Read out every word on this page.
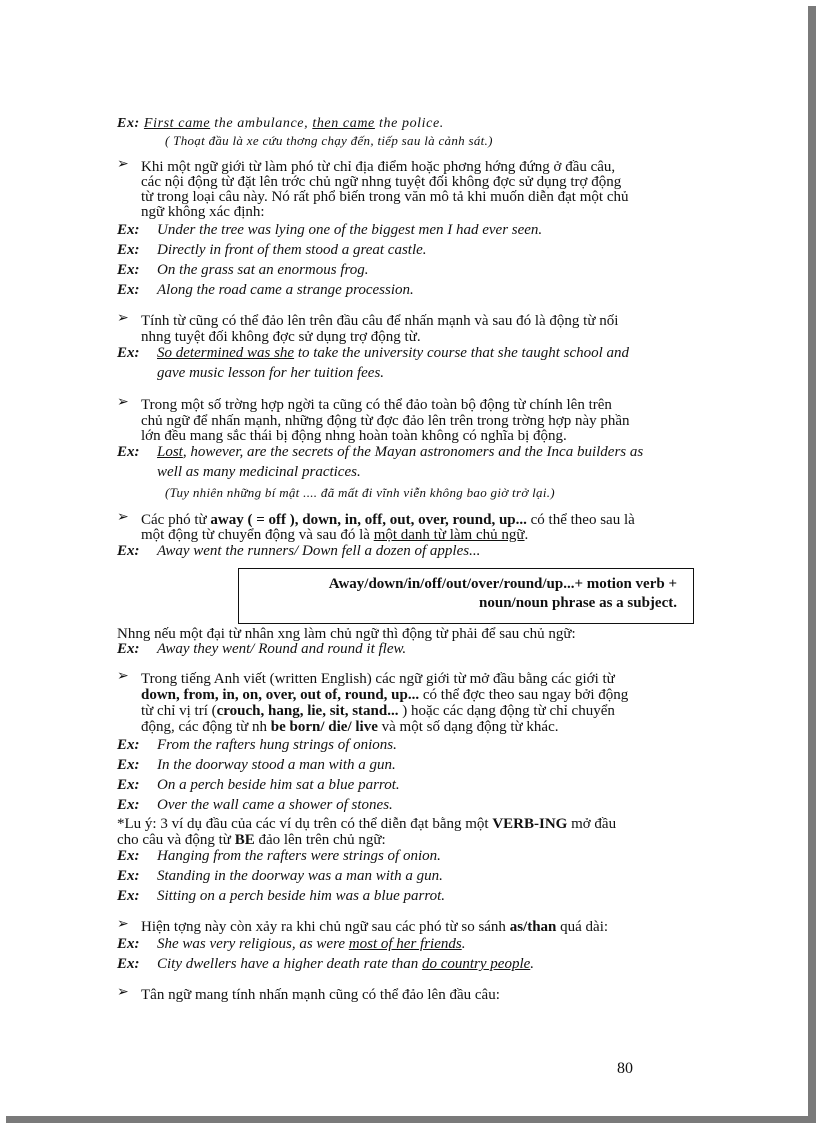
Ex: First came the ambulance, then came the police.
( Thoạt đầu là xe cứu thơng chạy đến, tiếp sau là cảnh sát.)
➢ Khi một ngữ giới từ làm phó từ chỉ địa điểm hoặc phơng hớng đứng ở đầu câu,
các nội động từ đặt lên trớc chủ ngữ nhng tuyệt đối không đợc sử dụng trợ động
từ trong loại câu này. Nó rất phổ biến trong văn mô tả khi muốn diễn đạt một chủ
ngữ không xác định:
Ex: Under the tree was lying one of the biggest men I had ever seen.
Ex: Directly in front of them stood a great castle.
Ex: On the grass sat an enormous frog.
Ex: Along the road came a strange procession.
➢ Tính từ cũng có thể đảo lên trên đầu câu để nhấn mạnh và sau đó là động từ nối
nhng tuyệt đối không đợc sử dụng trợ động từ.
Ex: So determined was she to take the university course that she taught school and
gave music lesson for her tuition fees.
➢ Trong một số trờng hợp ngời ta cũng có thể đảo toàn bộ động từ chính lên trên
chủ ngữ để nhấn mạnh, những động từ đợc đảo lên trên trong trờng hợp này phần
lớn đều mang sắc thái bị động nhng hoàn toàn không có nghĩa bị động.
Ex: Lost, however, are the secrets of the Mayan astronomers and the Inca builders as
well as many medicinal practices.
(Tuy nhiên những bí mật .... đã mất đi vĩnh viễn không bao giờ trở lại.)
➢ Các phó từ away ( = off ), down, in, off, out, over, round, up... có thể theo sau là
một động từ chuyển động và sau đó là một danh từ làm chủ ngữ.
Ex: Away went the runners/ Down fell a dozen of apples...
Away/down/in/off/out/over/round/up...+ motion verb +
noun/noun phrase as a subject.
Nhng nếu một đại từ nhân xng làm chủ ngữ thì động từ phải để sau chủ ngữ:
Ex: Away they went/ Round and round it flew.
➢ Trong tiếng Anh viết (written English) các ngữ giới từ mở đầu bằng các giới từ
down, from, in, on, over, out of, round, up... có thể đợc theo sau ngay bởi động
từ chỉ vị trí (crouch, hang, lie, sit, stand... ) hoặc các dạng động từ chỉ chuyển
động, các động từ nh be born/ die/ live và một số dạng động từ khác.
Ex: From the rafters hung strings of onions.
Ex: In the doorway stood a man with a gun.
Ex: On a perch beside him sat a blue parrot.
Ex: Over the wall came a shower of stones.
*Lu ý: 3 ví dụ đầu của các ví dụ trên có thể diễn đạt bằng một VERB-ING mở đầu
cho câu và động từ BE đảo lên trên chủ ngữ:
Ex: Hanging from the rafters were strings of onion.
Ex: Standing in the doorway was a man with a gun.
Ex: Sitting on a perch beside him was a blue parrot.
➢ Hiện tợng này còn xảy ra khi chủ ngữ sau các phó từ so sánh as/than quá dài:
Ex: She was very religious, as were most of her friends.
Ex: City dwellers have a higher death rate than do country people.
➢ Tân ngữ mang tính nhấn mạnh cũng có thể đảo lên đầu câu:
80
